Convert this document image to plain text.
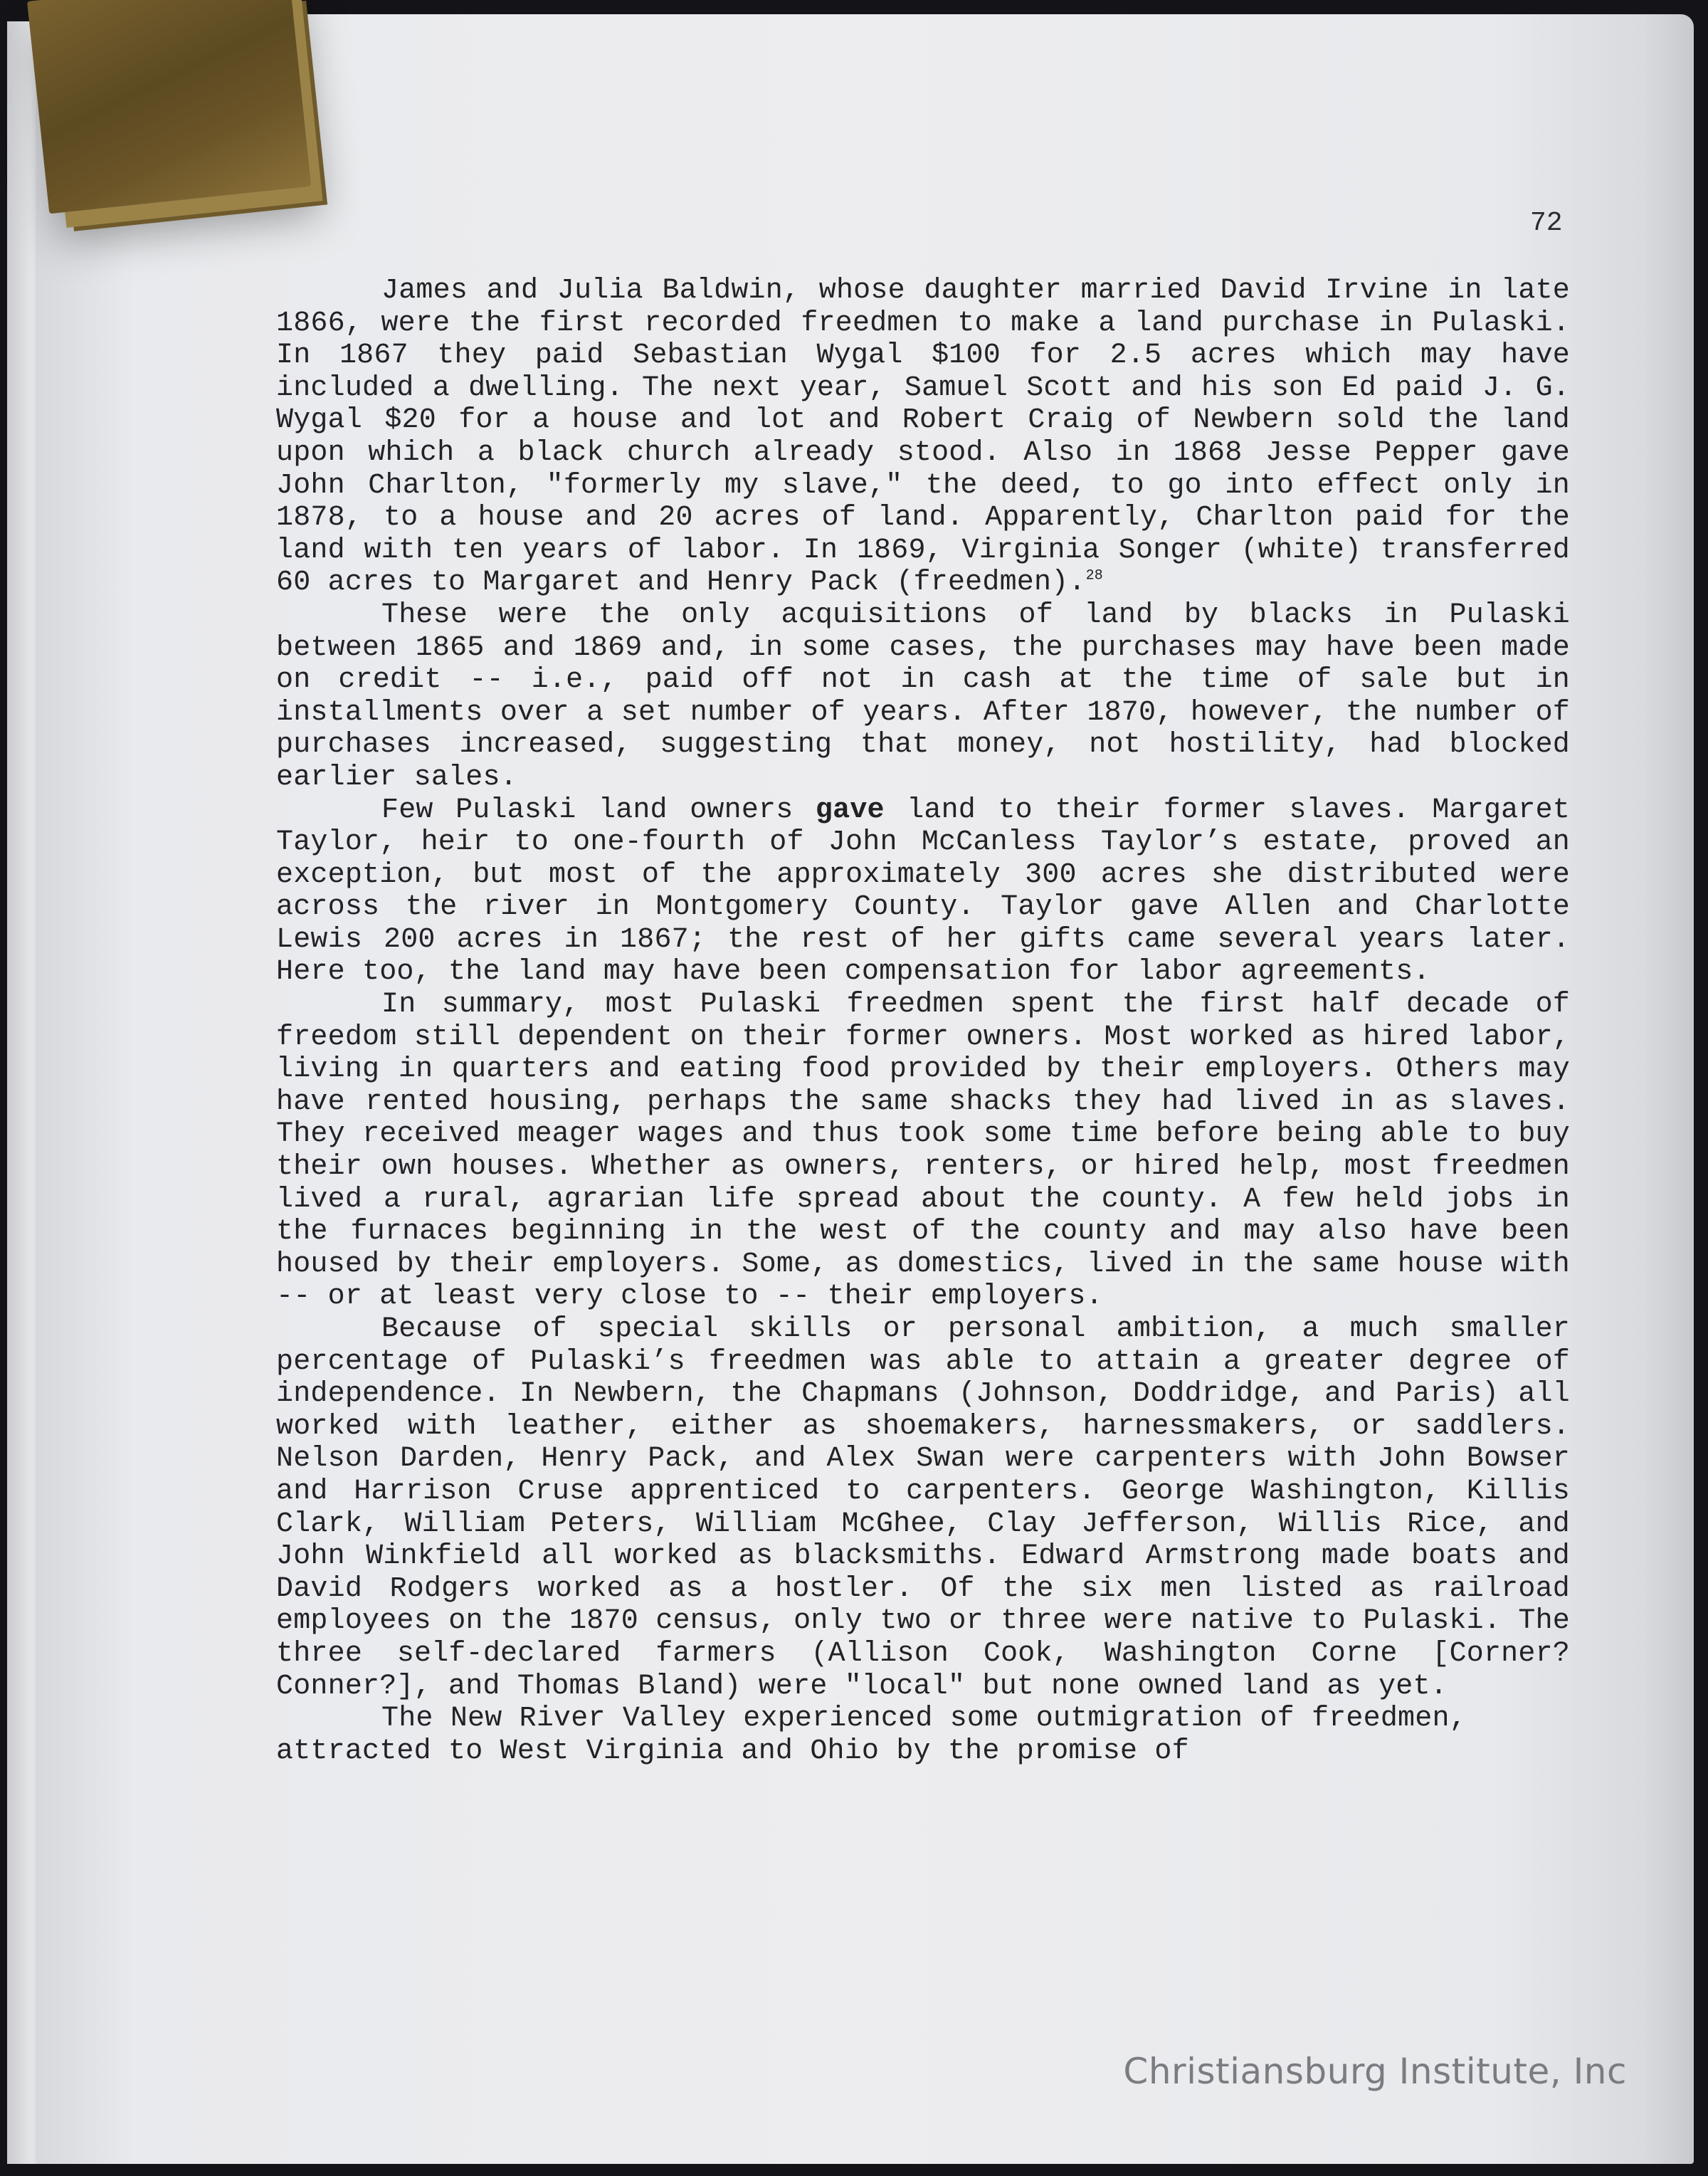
72

James and Julia Baldwin, whose daughter married David Irvine in late 1866, were the first recorded freedmen to make a land purchase in Pulaski. In 1867 they paid Sebastian Wygal $100 for 2.5 acres which may have included a dwelling. The next year, Samuel Scott and his son Ed paid J. G. Wygal $20 for a house and lot and Robert Craig of Newbern sold the land upon which a black church already stood. Also in 1868 Jesse Pepper gave John Charlton, "formerly my slave," the deed, to go into effect only in 1878, to a house and 20 acres of land. Apparently, Charlton paid for the land with ten years of labor. In 1869, Virginia Songer (white) transferred 60 acres to Margaret and Henry Pack (freedmen).$^{28}$

These were the only acquisitions of land by blacks in Pulaski between 1865 and 1869 and, in some cases, the purchases may have been made on credit -- i.e., paid off not in cash at the time of sale but in installments over a set number of years. After 1870, however, the number of purchases increased, suggesting that money, not hostility, had blocked earlier sales.

Few Pulaski land owners gave land to their former slaves. Margaret Taylor, heir to one-fourth of John McCanless Taylor’s estate, proved an exception, but most of the approximately 300 acres she distributed were across the river in Montgomery County. Taylor gave Allen and Charlotte Lewis 200 acres in 1867; the rest of her gifts came several years later. Here too, the land may have been compensation for labor agreements.

In summary, most Pulaski freedmen spent the first half decade of freedom still dependent on their former owners. Most worked as hired labor, living in quarters and eating food provided by their employers. Others may have rented housing, perhaps the same shacks they had lived in as slaves. They received meager wages and thus took some time before being able to buy their own houses. Whether as owners, renters, or hired help, most freedmen lived a rural, agrarian life spread about the county. A few held jobs in the furnaces beginning in the west of the county and may also have been housed by their employers. Some, as domestics, lived in the same house with -- or at least very close to -- their employers.

Because of special skills or personal ambition, a much smaller percentage of Pulaski’s freedmen was able to attain a greater degree of independence. In Newbern, the Chapmans (Johnson, Doddridge, and Paris) all worked with leather, either as shoemakers, harnessmakers, or saddlers. Nelson Darden, Henry Pack, and Alex Swan were carpenters with John Bowser and Harrison Cruse apprenticed to carpenters. George Washington, Killis Clark, William Peters, William McGhee, Clay Jefferson, Willis Rice, and John Winkfield all worked as blacksmiths. Edward Armstrong made boats and David Rodgers worked as a hostler. Of the six men listed as railroad employees on the 1870 census, only two or three were native to Pulaski. The three self-declared farmers (Allison Cook, Washington Corne [Corner? Conner?], and Thomas Bland) were "local" but none owned land as yet.

The New River Valley experienced some outmigration of freedmen, attracted to West Virginia and Ohio by the promise of

Christiansburg Institute, Inc
